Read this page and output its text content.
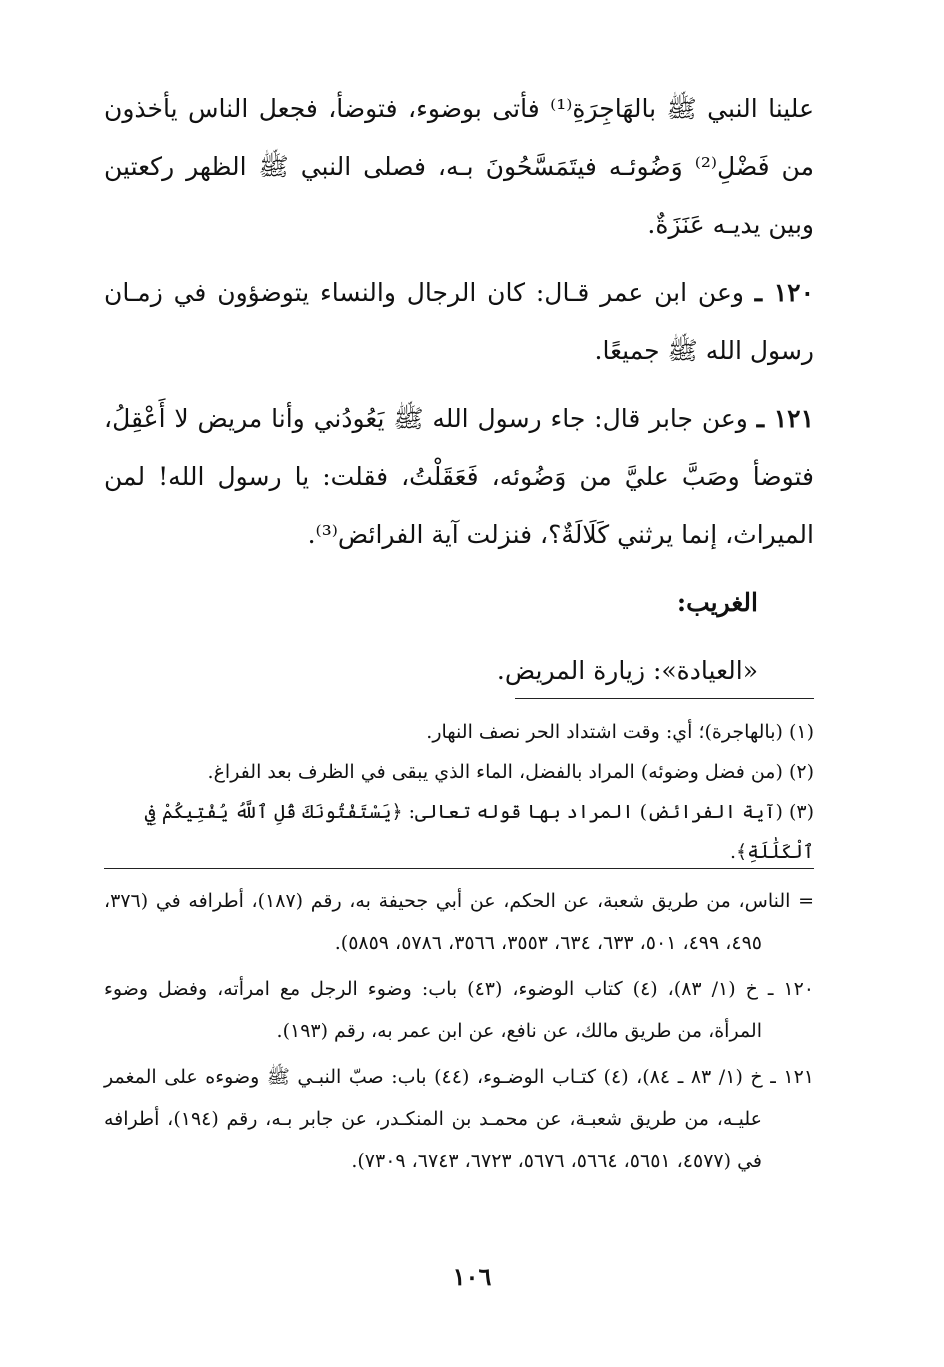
علينا النبي ﷺ بالهَاجِرَةِ⁽¹⁾ فأتى بوضوء، فتوضأ، فجعل الناس يأخذون من فَضْلِ⁽²⁾ وَضُوئـه فيتَمَسَّحُونَ بـه، فصلى النبي ﷺ الظهر ركعتين وبين يديـه عَنَزَةٌ.

١٢٠ ـ وعن ابن عمر قـال: كان الرجال والنساء يتوضؤون في زمـان رسول الله ﷺ جميعًا.

١٢١ ـ وعن جابر قال: جاء رسول الله ﷺ يَعُودُني وأنا مريض لا أَعْقِلُ، فتوضأ وصَبَّ عليَّ من وَضُوئه، فَعَقَلْتُ، فقلت: يا رسول الله! لمن الميراث، إنما يرثني كَلَالَةٌ؟، فنزلت آية الفرائض⁽³⁾.

الغريب:

«العيادة»: زيارة المريض.

(١) (بالهاجرة)؛ أي: وقت اشتداد الحر نصف النهار.

(٢) (من فضل وضوئه) المراد بالفضل، الماء الذي يبقى في الظرف بعد الفراغ.

(٣) (آية الفرائض) المراد بها قوله تعالى: ﴿يَسْتَفْتُونَكَ قُلِ ٱللَّهُ يُفْتِيكُمْ فِي ٱلْكَلَٰلَةِ﴾.

= الناس، من طريق شعبة، عن الحكم، عن أبي جحيفة به، رقم (١٨٧)، أطرافه في (٣٧٦، ٤٩٥، ٤٩٩، ٥٠١، ٦٣٣، ٦٣٤، ٣٥٥٣، ٣٥٦٦، ٥٧٨٦، ٥٨٥٩).

١٢٠ ـ خ (١/ ٨٣)، (٤) كتاب الوضوء، (٤٣) باب: وضوء الرجل مع امرأته، وفضل وضوء المرأة، من طريق مالك، عن نافع، عن ابن عمر به، رقم (١٩٣).

١٢١ ـ خ (١/ ٨٣ ـ ٨٤)، (٤) كتـاب الوضـوء، (٤٤) باب: صبّ النبـي ﷺ وضوءه على المغمر عليـه، من طريق شعبـة، عن محمـد بن المنكـدر، عن جابر بـه، رقم (١٩٤)، أطرافه في (٤٥٧٧، ٥٦٥١، ٥٦٦٤، ٥٦٧٦، ٦٧٢٣، ٦٧٤٣، ٧٣٠٩).

١٠٦
